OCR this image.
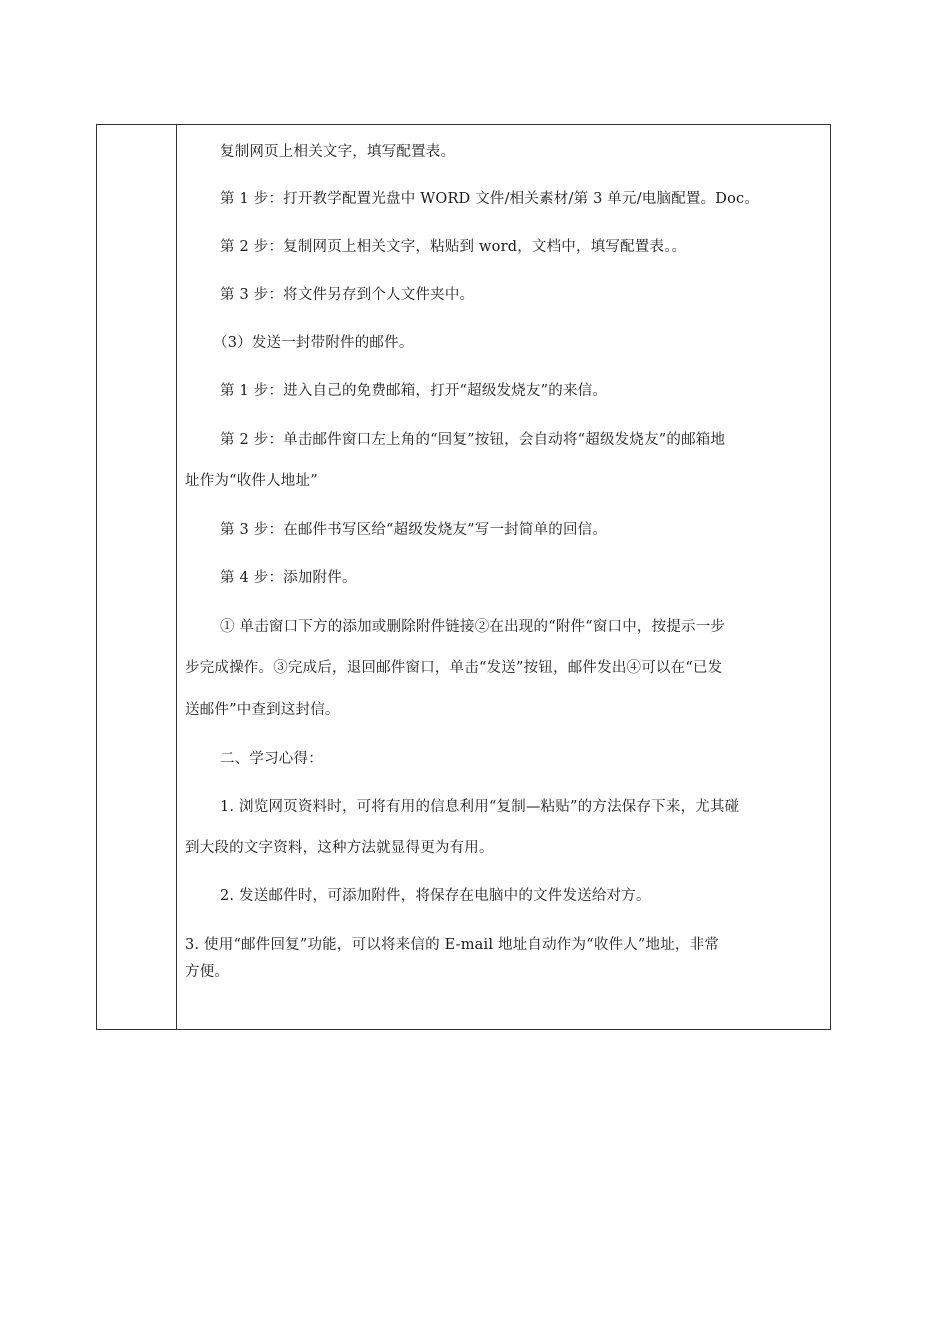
复制网页上相关文字，填写配置表。
第 1 步：打开教学配置光盘中 WORD 文件/相关素材/第 3 单元/电脑配置。Doc。
第 2 步：复制网页上相关文字，粘贴到 word，文档中，填写配置表。。
第 3 步：将文件另存到个人文件夹中。
（3）发送一封带附件的邮件。
第 1 步：进入自己的免费邮箱，打开“超级发烧友”的来信。
第 2 步：单击邮件窗口左上角的“回复”按钮，会自动将“超级发烧友”的邮箱地
址作为“收件人地址”
第 3 步：在邮件书写区给“超级发烧友”写一封简单的回信。
第 4 步：添加附件。
① 单击窗口下方的添加或删除附件链接②在出现的“附件“窗口中，按提示一步
步完成操作。③完成后，退回邮件窗口，单击“发送”按钮，邮件发出④可以在“已发
送邮件”中查到这封信。
二、学习心得：
1. 浏览网页资料时，可将有用的信息利用“复制—粘贴”的方法保存下来，尤其碰
到大段的文字资料，这种方法就显得更为有用。
2. 发送邮件时，可添加附件，将保存在电脑中的文件发送给对方。
3. 使用“邮件回复”功能，可以将来信的 E-mail 地址自动作为“收件人”地址，非常
方便。
